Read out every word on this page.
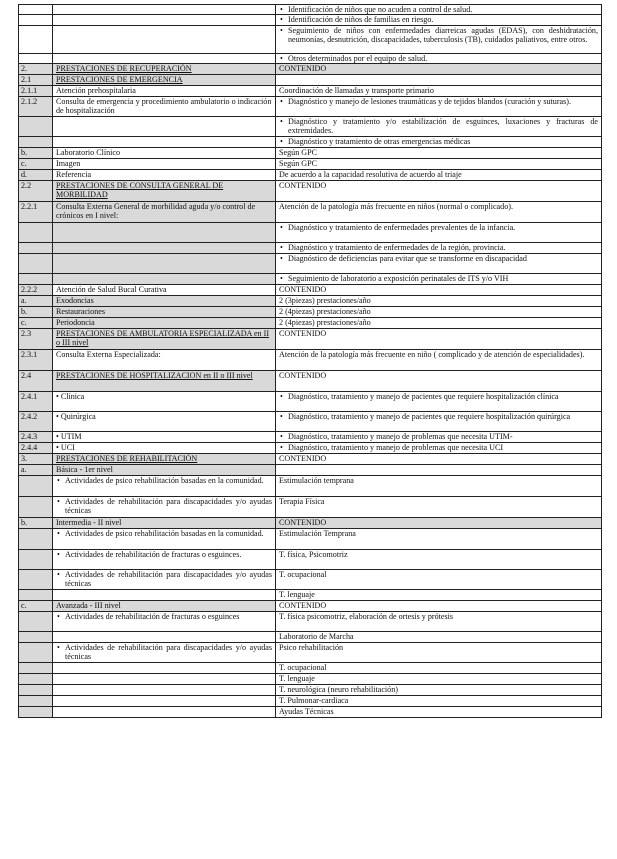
		• Identificación de niños que no acuden a control de salud.

		• Identificación de niños de familias en riesgo.

		• Seguimiento de niños con enfermedades diarreicas agudas (EDAS), con deshidratación, neumonías, desnutrición, discapacidades, tuberculosis (TB), cuidados paliativos, entre otros.

		• Otros determinados por el equipo de salud.

2.	PRESTACIONES DE RECUPERACIÓN	CONTENIDO
2.1	PRESTACIONES DE EMERGENCIA	
2.1.1	Atención prehospitalaria	Coordinación de llamadas y transporte primario
2.1.2	Consulta de emergencia y procedimiento ambulatorio o indicación de hospitalización	• Diagnóstico y manejo de lesiones traumáticas y de tejidos blandos (curación y suturas).

		• Diagnóstico y tratamiento y/o estabilización de esguinces, luxaciones y fracturas de extremidades.

		• Diagnóstico y tratamiento de otras emergencias médicas

b.	Laboratorio Clínico	Según GPC
c.	Imagen	Según GPC
d.	Referencia	De acuerdo a la capacidad resolutiva de acuerdo al triaje
2.2	PRESTACIONES DE CONSULTA GENERAL DE MORBILIDAD	CONTENIDO
2.2.1	Consulta Externa General de morbilidad aguda y/o control de crónicos en I nivel:	Atención de la patología más frecuente en niños (normal o complicado).

		• Diagnóstico y tratamiento de enfermedades prevalentes de la infancia.

		• Diagnóstico y tratamiento de enfermedades de la región, provincia.

		• Diagnóstico de deficiencias para evitar que se transforme en discapacidad

		• Seguimiento de laboratorio a exposición perinatales de ITS y/o VIH

2.2.2	Atención de Salud Bucal Curativa	CONTENIDO
a.	Exodoncias	2 (3piezas) prestaciones/año
b.	Restauraciones	2 (4piezas) prestaciones/año
c.	Periodoncia	2 (4piezas) prestaciones/año
2.3	PRESTACIONES DE AMBULATORIA ESPECIALIZADA en II o III nivel	CONTENIDO
2.3.1	Consulta Externa Especializada:	Atención de la patología más frecuente en niño ( complicado y de atención de especialidades).
2.4	PRESTACIONES DE HOSPITALIZACION en II o III nivel	CONTENIDO
2.4.1	• Clínica	• Diagnóstico, tratamiento y manejo de pacientes que requiere hospitalización clínica

2.4.2	• Quirúrgica	• Diagnóstico, tratamiento y manejo de pacientes que requiere hospitalización quirúrgica

2.4.3	• UTIM	• Diagnóstico, tratamiento y manejo de problemas que necesita UTIM-

2.4.4	• UCI	• Diagnóstico, tratamiento y manejo de problemas que necesita UCI

3.	PRESTACIONES DE REHABILITACIÓN	CONTENIDO
a.	Básica - 1er nivel	

	• Actividades de psico rehabilitación basadas en la comunidad.	Estimulación temprana

	• Actividades de rehabilitación para discapacidades y/o ayudas técnicas	Terapia Física
b.	Intermedia - II nivel	CONTENIDO

	• Actividades de psico rehabilitación basadas en la comunidad.	Estimulación Temprana

	• Actividades de rehabilitación de fracturas o esguinces.	T. física, Psicomotriz

	• Actividades de rehabilitación para discapacidades y/o ayudas técnicas	T. ocupacional
		T. lenguaje
c.	Avanzada - III nivel	CONTENIDO

	• Actividades de rehabilitación de fracturas o esguinces	T. física psicomotriz, elaboración de ortesis y prótesis
		Laboratorio de Marcha

	• Actividades de rehabilitación para discapacidades y/o ayudas técnicas	Psico rehabilitación
		T. ocupacional
		T. lenguaje
		T. neurológica (neuro rehabilitación)
		T. Pulmonar-cardiaca
		Ayudas Técnicas
